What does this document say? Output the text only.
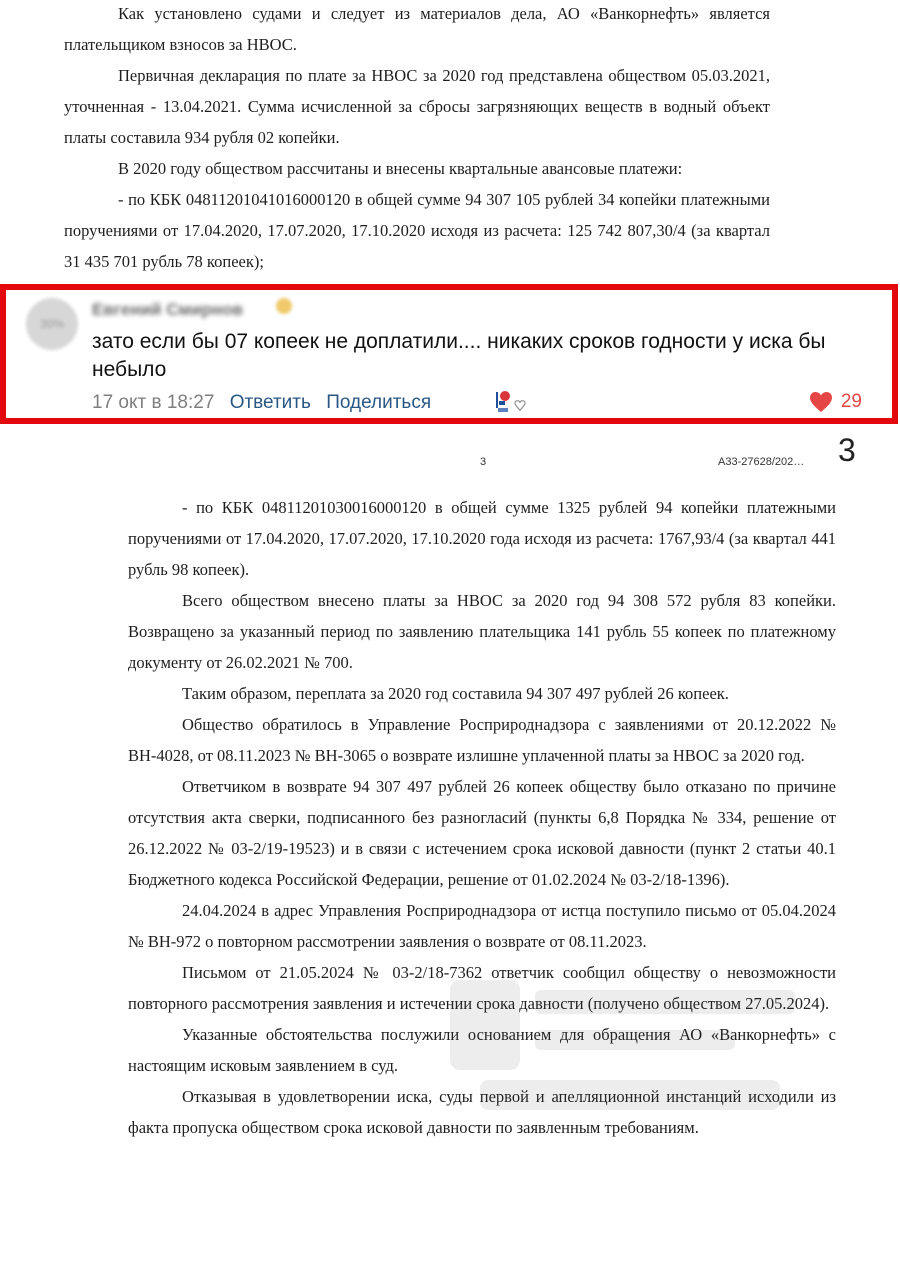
Как установлено судами и следует из материалов дела, АО «Ванкорнефть» является плательщиком взносов за НВОС.

Первичная декларация по плате за НВОС за 2020 год представлена обществом 05.03.2021, уточненная - 13.04.2021. Сумма исчисленной за сбросы загрязняющих веществ в водный объект платы составила 934 рубля 02 копейки.

В 2020 году обществом рассчитаны и внесены квартальные авансовые платежи:

- по КБК 04811201041016000120 в общей сумме 94 307 105 рублей 34 копейки платежными поручениями от 17.04.2020, 17.07.2020, 17.10.2020 исходя из расчета: 125 742 807,30/4 (за квартал 31 435 701 рубль 78 копеек);

30%
Евгений Смирнов
зато если бы 07 копеек не доплатили.... никаких сроков годности у иска бы небыло
17 окт в 18:27 Ответить Поделиться	29
3	А33-27628/202… 3

- по КБК 04811201030016000120 в общей сумме 1325 рублей 94 копейки платежными поручениями от 17.04.2020, 17.07.2020, 17.10.2020 года исходя из расчета: 1767,93/4 (за квартал 441 рубль 98 копеек).

Всего обществом внесено платы за НВОС за 2020 год 94 308 572 рубля 83 копейки. Возвращено за указанный период по заявлению плательщика 141 рубль 55 копеек по платежному документу от 26.02.2021 № 700.

Таким образом, переплата за 2020 год составила 94 307 497 рублей 26 копеек.

Общество обратилось в Управление Росприроднадзора с заявлениями от 20.12.2022 № ВН-4028, от 08.11.2023 № ВН-3065 о возврате излишне уплаченной платы за НВОС за 2020 год.

Ответчиком в возврате 94 307 497 рублей 26 копеек обществу было отказано по причине отсутствия акта сверки, подписанного без разногласий (пункты 6,8 Порядка № 334, решение от 26.12.2022 № 03-2/19-19523) и в связи с истечением срока исковой давности (пункт 2 статьи 40.1 Бюджетного кодекса Российской Федерации, решение от 01.02.2024 № 03-2/18-1396).

24.04.2024 в адрес Управления Росприроднадзора от истца поступило письмо от 05.04.2024 № ВН-972 о повторном рассмотрении заявления о возврате от 08.11.2023.

Письмом от 21.05.2024 № 03-2/18-7362 ответчик сообщил обществу о невозможности повторного рассмотрения заявления и истечении срока давности (получено обществом 27.05.2024).

Указанные обстоятельства послужили основанием для обращения АО «Ванкорнефть» с настоящим исковым заявлением в суд.

Отказывая в удовлетворении иска, суды первой и апелляционной инстанций исходили из факта пропуска обществом срока исковой давности по заявленным требованиям.
